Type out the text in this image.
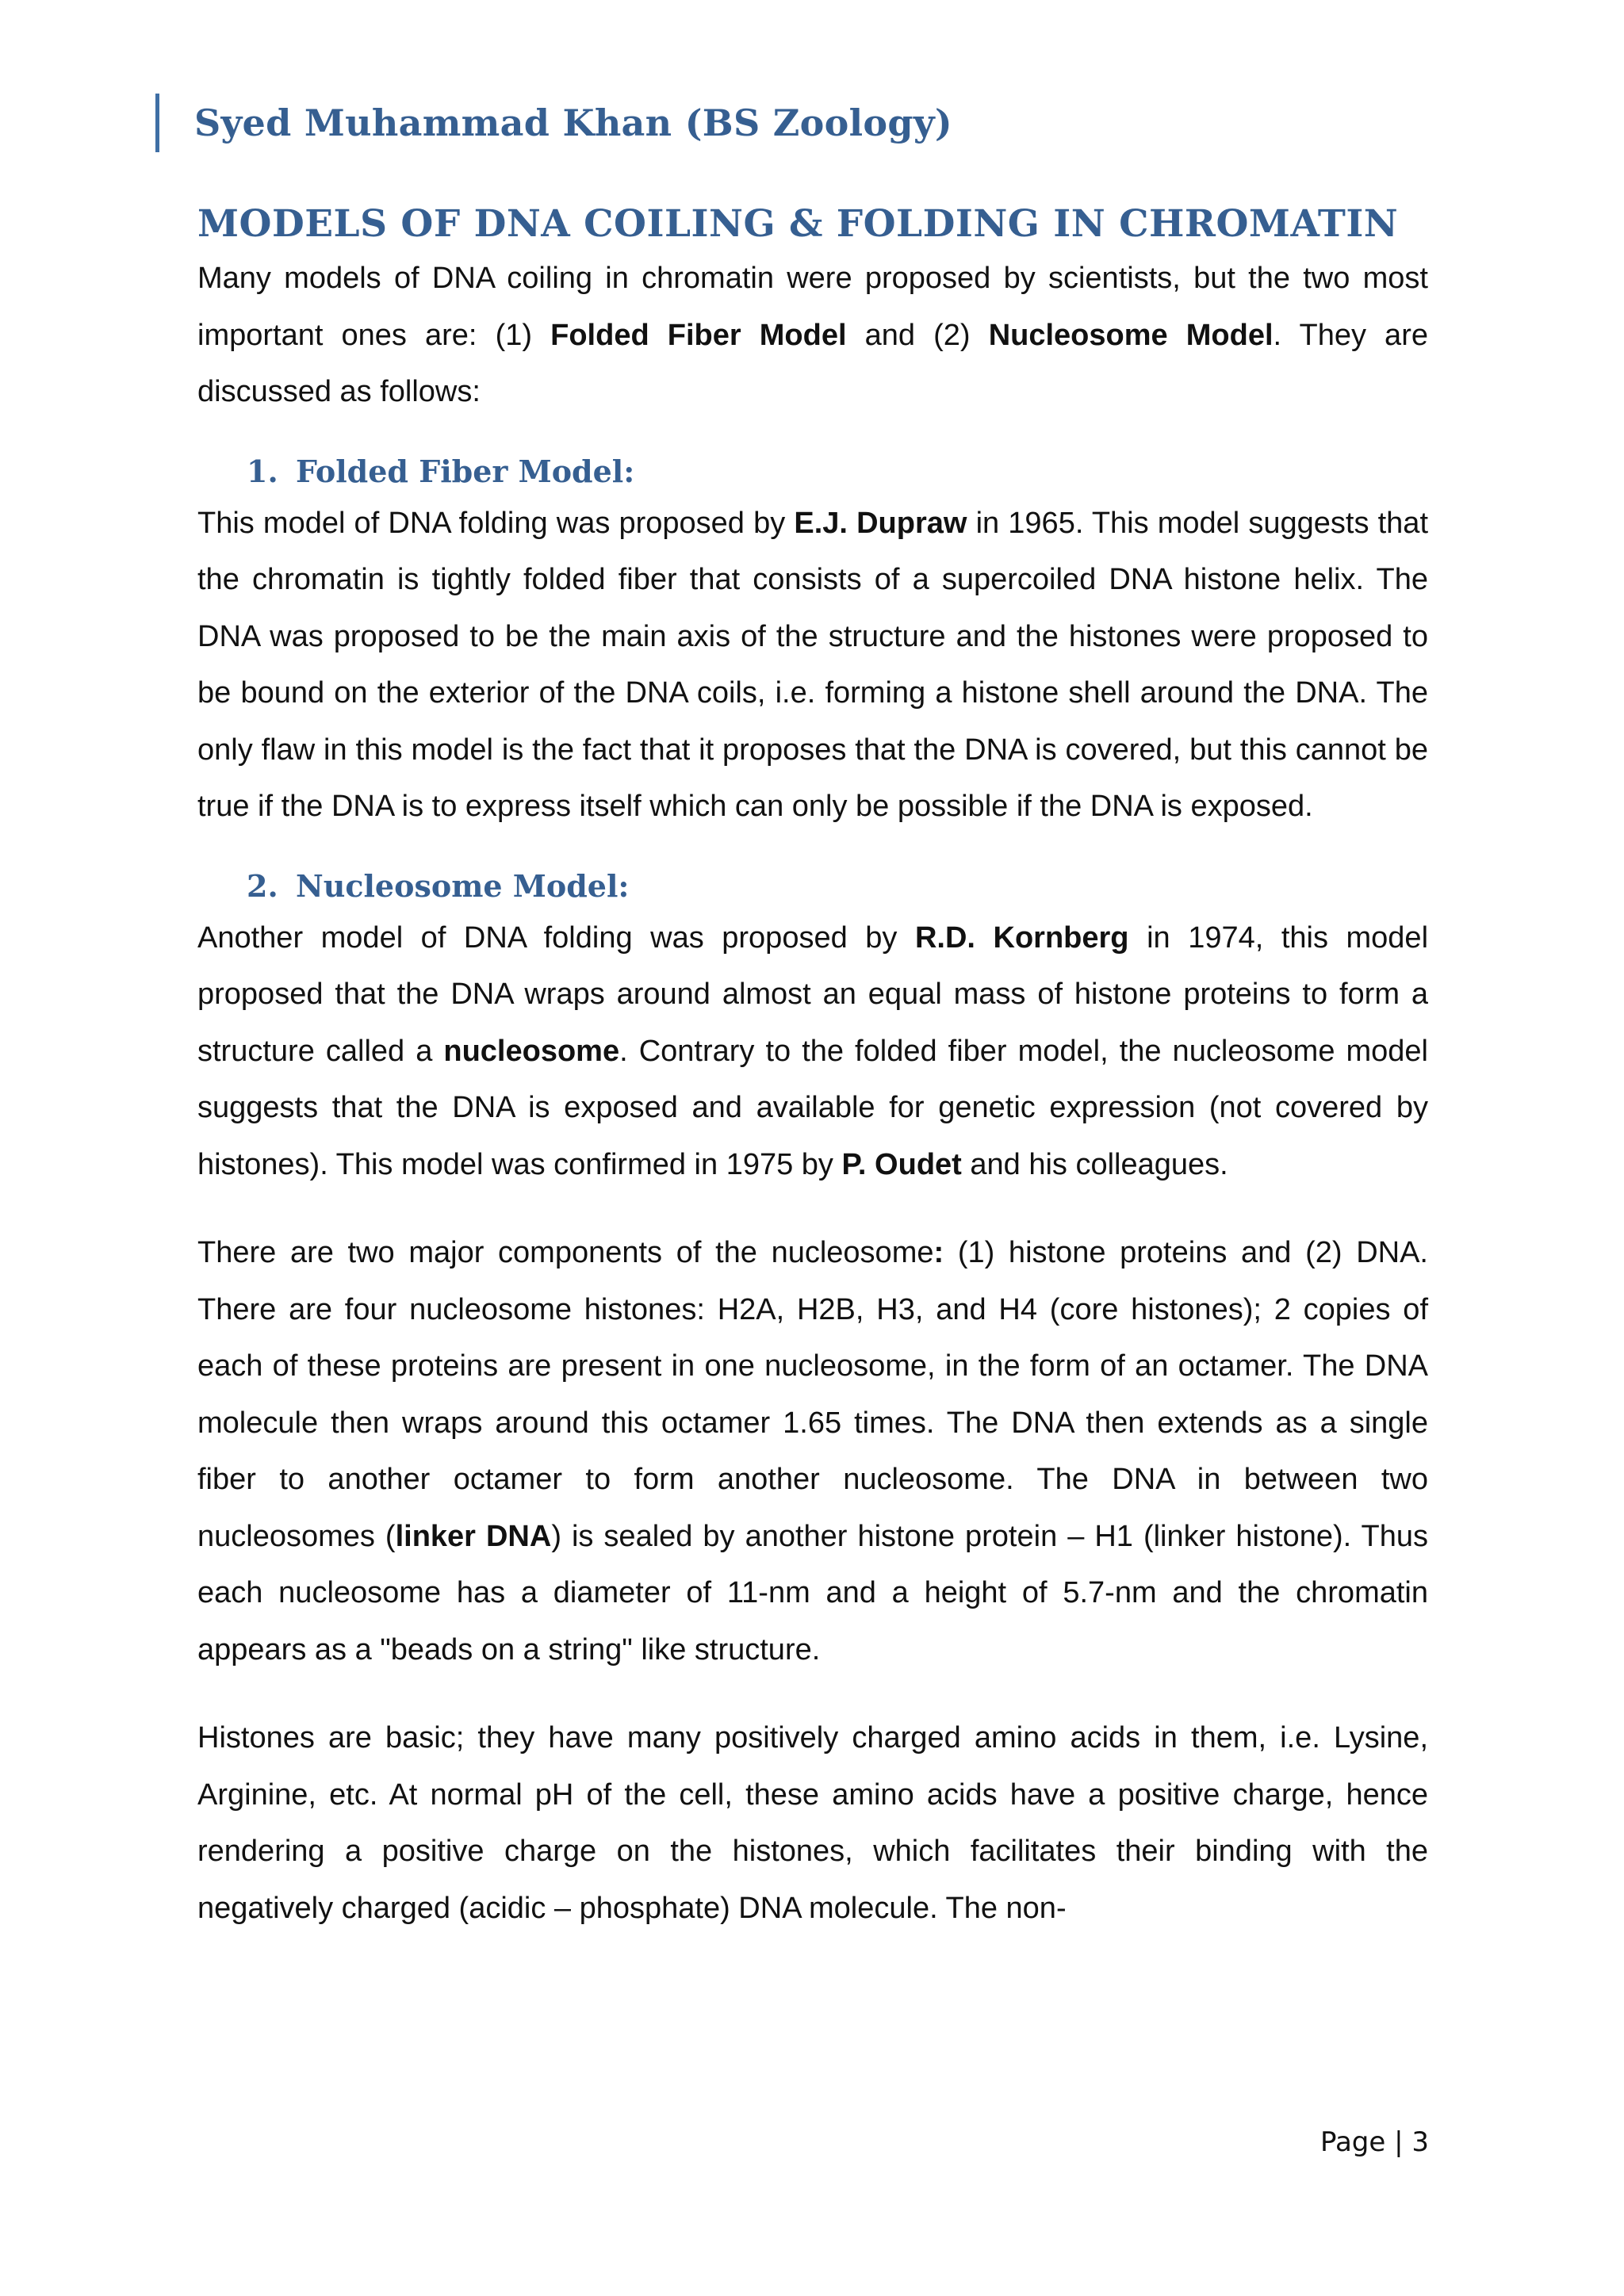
Syed Muhammad Khan (BS Zoology)
MODELS OF DNA COILING & FOLDING IN CHROMATIN

Many models of DNA coiling in chromatin were proposed by scientists, but the two most important ones are: (1) Folded Fiber Model and (2) Nucleosome Model. They are discussed as follows:

1. Folded Fiber Model:

This model of DNA folding was proposed by E.J. Dupraw in 1965. This model suggests that the chromatin is tightly folded fiber that consists of a supercoiled DNA histone helix. The DNA was proposed to be the main axis of the structure and the histones were proposed to be bound on the exterior of the DNA coils, i.e. forming a histone shell around the DNA. The only flaw in this model is the fact that it proposes that the DNA is covered, but this cannot be true if the DNA is to express itself which can only be possible if the DNA is exposed.

2. Nucleosome Model:

Another model of DNA folding was proposed by R.D. Kornberg in 1974, this model proposed that the DNA wraps around almost an equal mass of histone proteins to form a structure called a nucleosome. Contrary to the folded fiber model, the nucleosome model suggests that the DNA is exposed and available for genetic expression (not covered by histones). This model was confirmed in 1975 by P. Oudet and his colleagues.

There are two major components of the nucleosome: (1) histone proteins and (2) DNA. There are four nucleosome histones: H2A, H2B, H3, and H4 (core histones); 2 copies of each of these proteins are present in one nucleosome, in the form of an octamer. The DNA molecule then wraps around this octamer 1.65 times. The DNA then extends as a single fiber to another octamer to form another nucleosome. The DNA in between two nucleosomes (linker DNA) is sealed by another histone protein – H1 (linker histone). Thus each nucleosome has a diameter of 11-nm and a height of 5.7-nm and the chromatin appears as a "beads on a string" like structure.

Histones are basic; they have many positively charged amino acids in them, i.e. Lysine, Arginine, etc. At normal pH of the cell, these amino acids have a positive charge, hence rendering a positive charge on the histones, which facilitates their binding with the negatively charged (acidic – phosphate) DNA molecule. The non-

Page | 3
